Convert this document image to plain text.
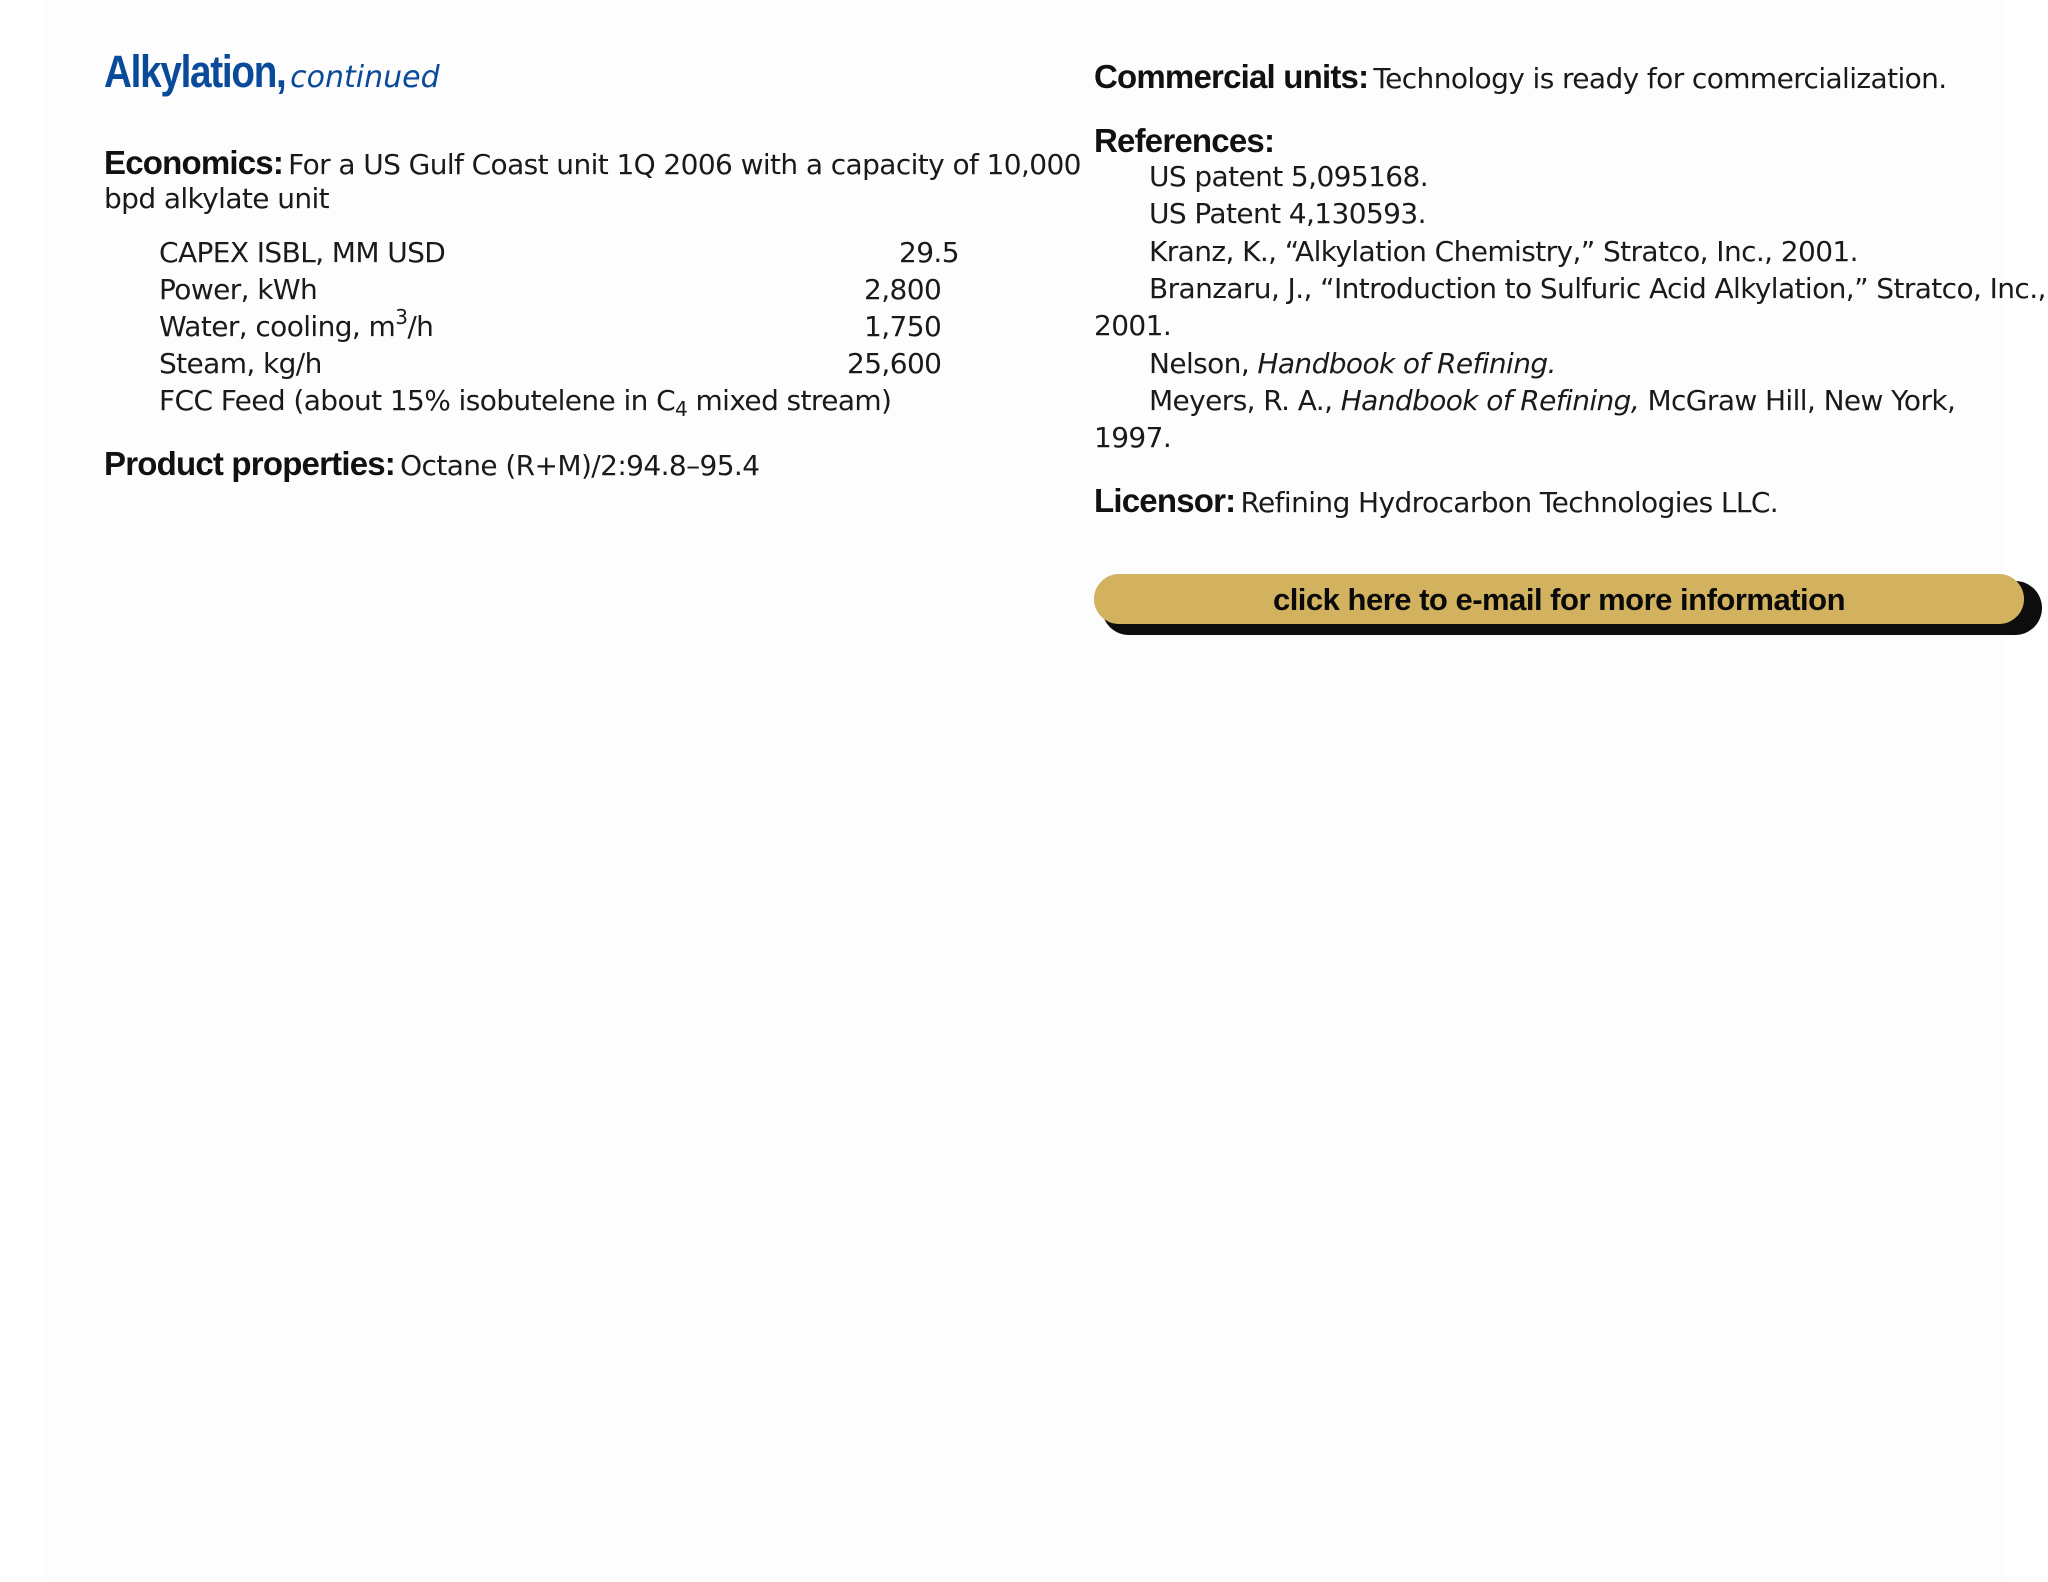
Alkylation, continued
Economics: For a US Gulf Coast unit 1Q 2006 with a capacity of 10,000
bpd alkylate unit
CAPEX ISBL, MM USD	29.5
Power, kWh	2,800
Water, cooling, $m^3/h$	1,750
Steam, kg/h	25,600
FCC Feed (about 15% isobutelene in $C_4$ mixed stream)
Product properties: Octane (R+M)/2:94.8–95.4
Commercial units: Technology is ready for commercialization.
References:
US patent 5,095168.
US Patent 4,130593.
Kranz, K., “Alkylation Chemistry,” Stratco, Inc., 2001.
Branzaru, J., “Introduction to Sulfuric Acid Alkylation,” Stratco, Inc.,
2001.
Nelson, Handbook of Refining.
Meyers, R. A., Handbook of Refining, McGraw Hill, New York,
1997.
Licensor: Refining Hydrocarbon Technologies LLC.
click here to e-mail for more information
